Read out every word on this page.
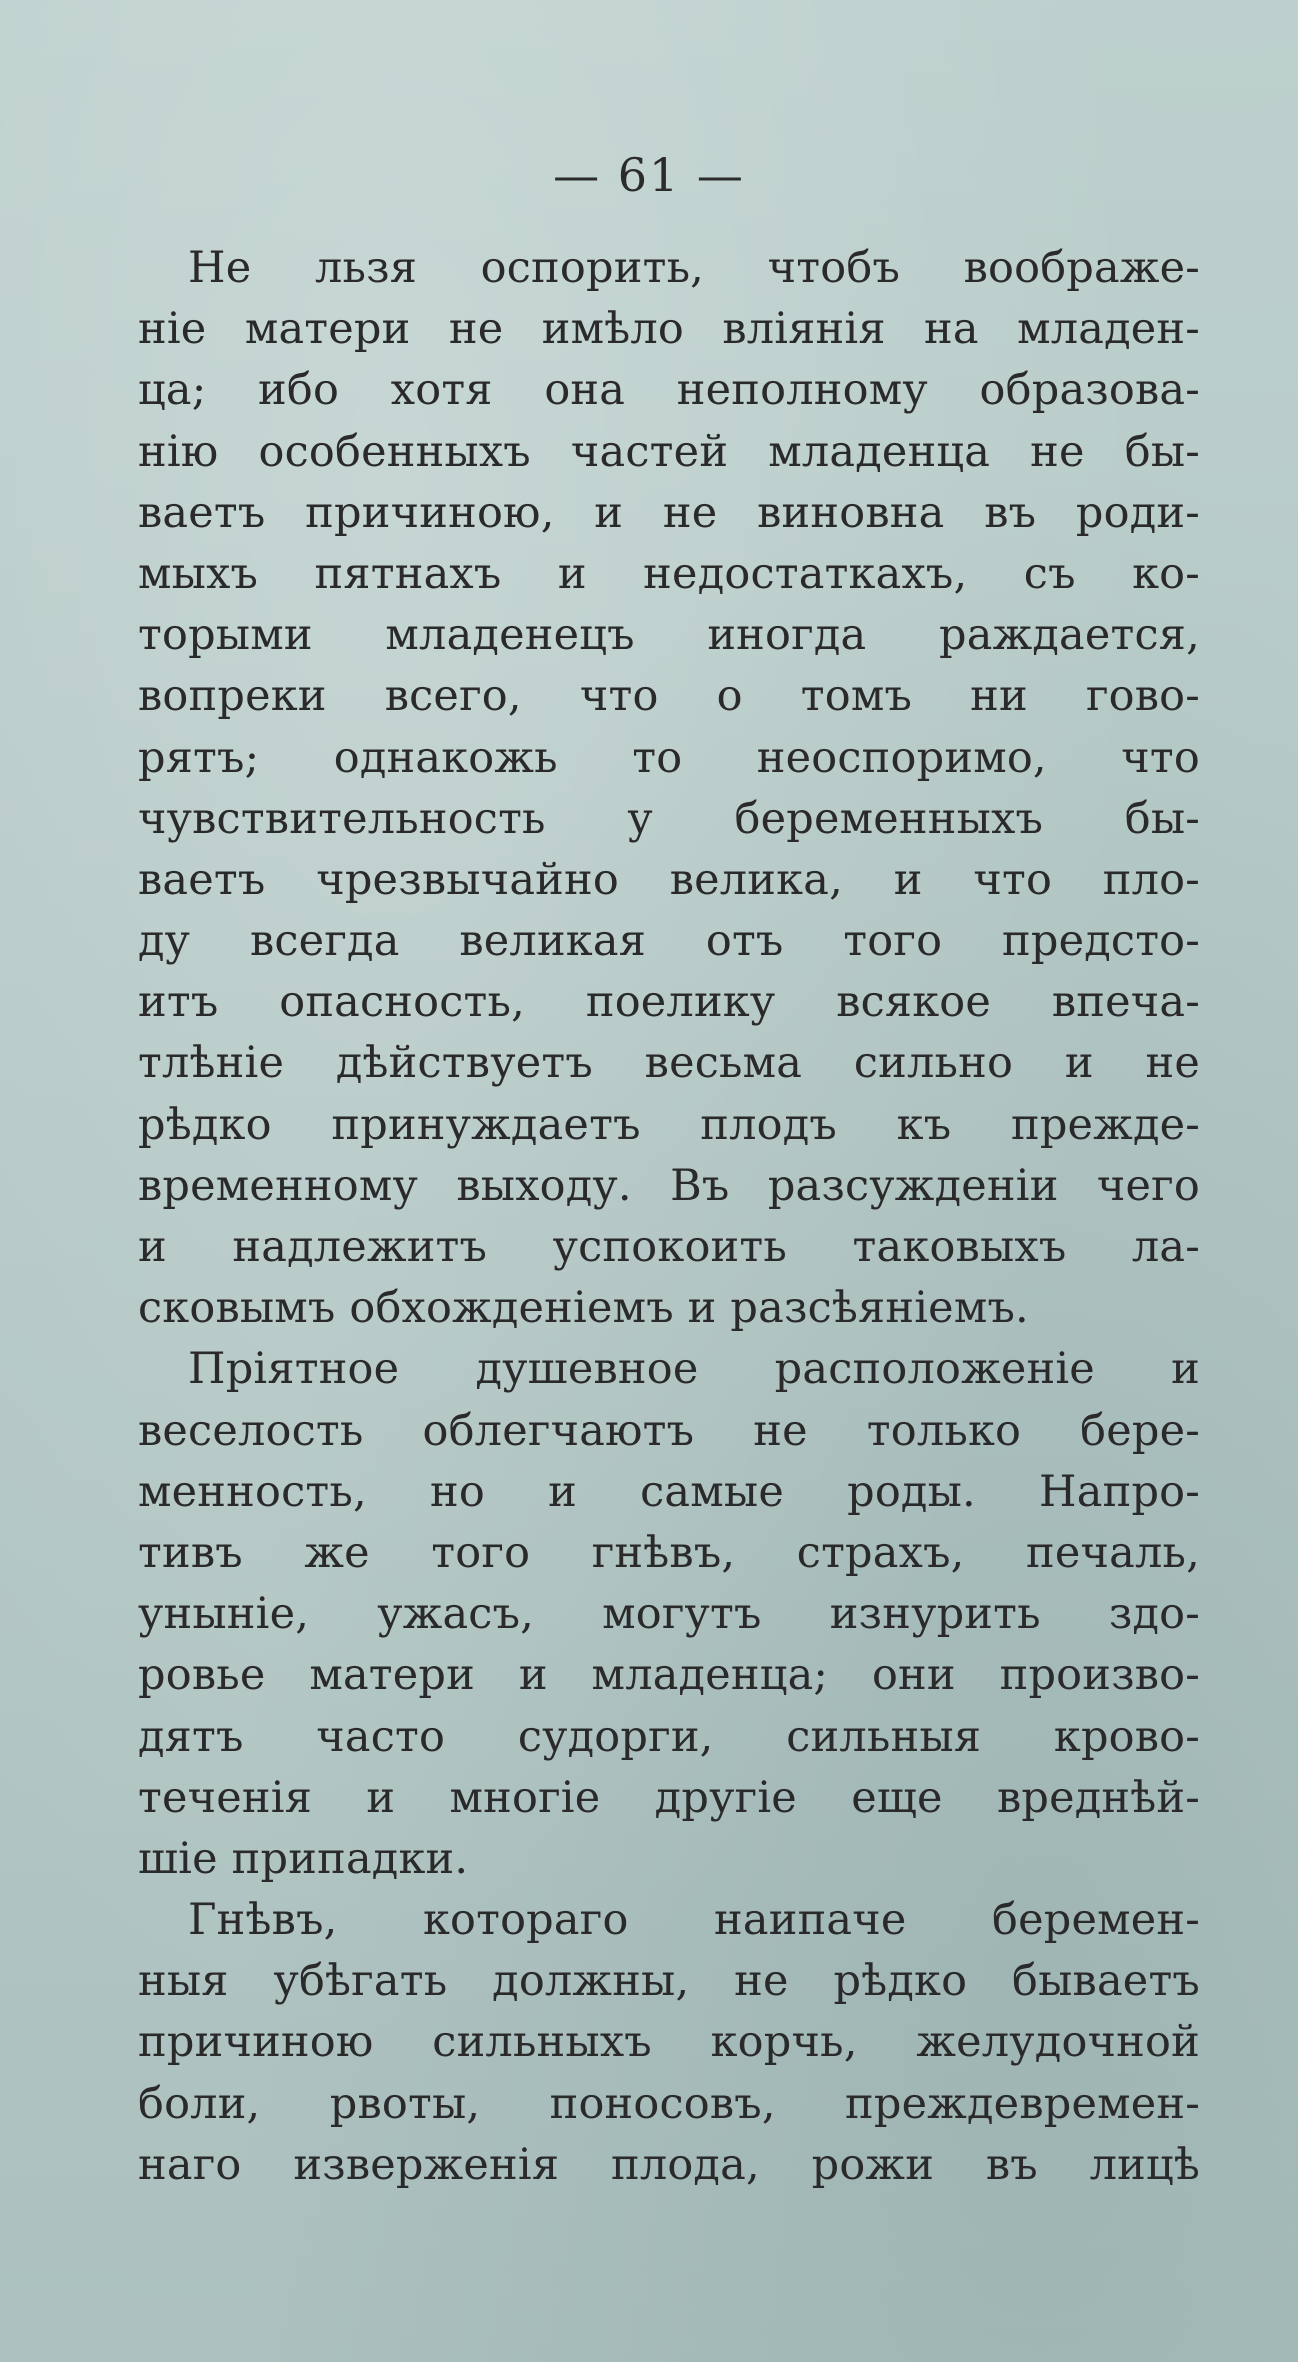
— 61 —
Не льзя оспорить, чтобъ воображе-
ніе матери не имѣло вліянія на младен-
ца; ибо хотя она неполному образова-
нію особенныхъ частей младенца не бы-
ваетъ причиною, и не виновна въ роди-
мыхъ пятнахъ и недостаткахъ, съ ко-
торыми младенецъ иногда раждается,
вопреки всего, что о томъ ни гово-
рятъ; однакожь то неоспоримо, что
чувствительность у беременныхъ бы-
ваетъ чрезвычайно велика, и что пло-
ду всегда великая отъ того предсто-
итъ опасность, поелику всякое впеча-
тлѣніе дѣйствуетъ весьма сильно и не
рѣдко принуждаетъ плодъ къ прежде-
временному выходу. Въ разсужденіи чего
и надлежитъ успокоить таковыхъ ла-
сковымъ обхожденіемъ и разсѣяніемъ.
Пріятное душевное расположеніе и
веселость облегчаютъ не только бере-
менность, но и самые роды. Напро-
тивъ же того гнѣвъ, страхъ, печаль,
уныніе, ужасъ, могутъ изнурить здо-
ровье матери и младенца; они произво-
дятъ часто судорги, сильныя крово-
теченія и многіе другіе еще вреднѣй-
шіе припадки.
Гнѣвъ, котораго наипаче беремен-
ныя убѣгать должны, не рѣдко бываетъ
причиною сильныхъ корчь, желудочной
боли, рвоты, поносовъ, преждевремен-
наго изверженія плода, рожи въ лицѣ
